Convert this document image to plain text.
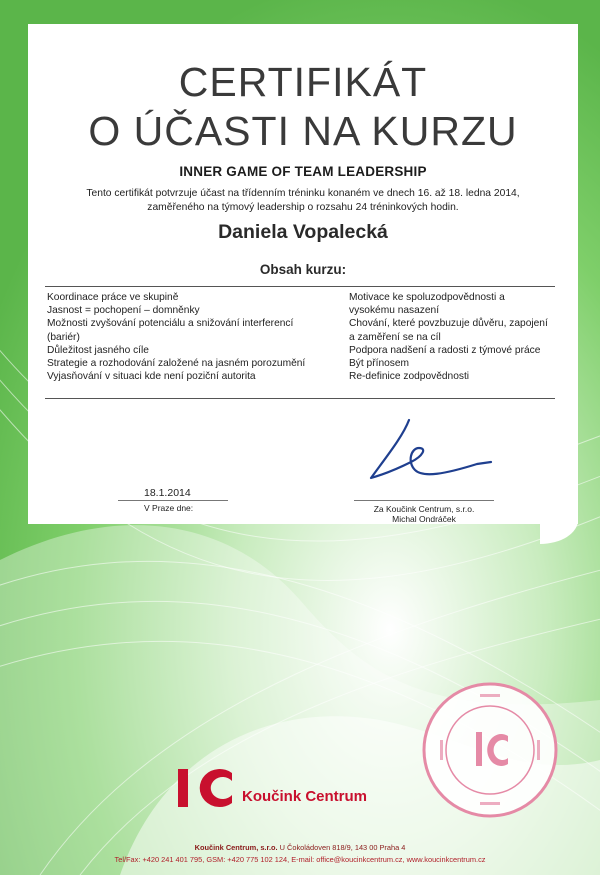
CERTIFIKÁT
O ÚČASTI NA KURZU
INNER GAME OF TEAM LEADERSHIP
Tento certifikát potvrzuje účast na třídenním tréninku konaném ve dnech 16. až 18. ledna 2014,
zaměřeného na týmový leadership o rozsahu 24 tréninkových hodin.
Daniela Vopalecká
Obsah kurzu:
Koordinace práce ve skupině
Jasnost = pochopení – domněnky
Možnosti zvyšování potenciálu a snižování interferencí
(bariér)
Důležitost jasného cíle
Strategie a rozhodování založené na jasném porozumění
Vyjasňování v situaci kde není poziční autorita
Motivace ke spoluzodpovědnosti a
vysokému nasazení
Chování, které povzbuzuje důvěru, zapojení
a zaměření se na cíl
Podpora nadšení a radosti z týmové práce
Být přínosem
Re-definice zodpovědnosti
18.1.2014
V Praze dne:	Za Koučink Centrum, s.r.o.
Michal Ondráček
Koučink Centrum
Koučink Centrum, s.r.o. U Čokoládoven 818/9, 143 00 Praha 4
Tel/Fax: +420 241 401 795, GSM: +420 775 102 124, E-mail: office@koucinkcentrum.cz, www.koucinkcentrum.cz
